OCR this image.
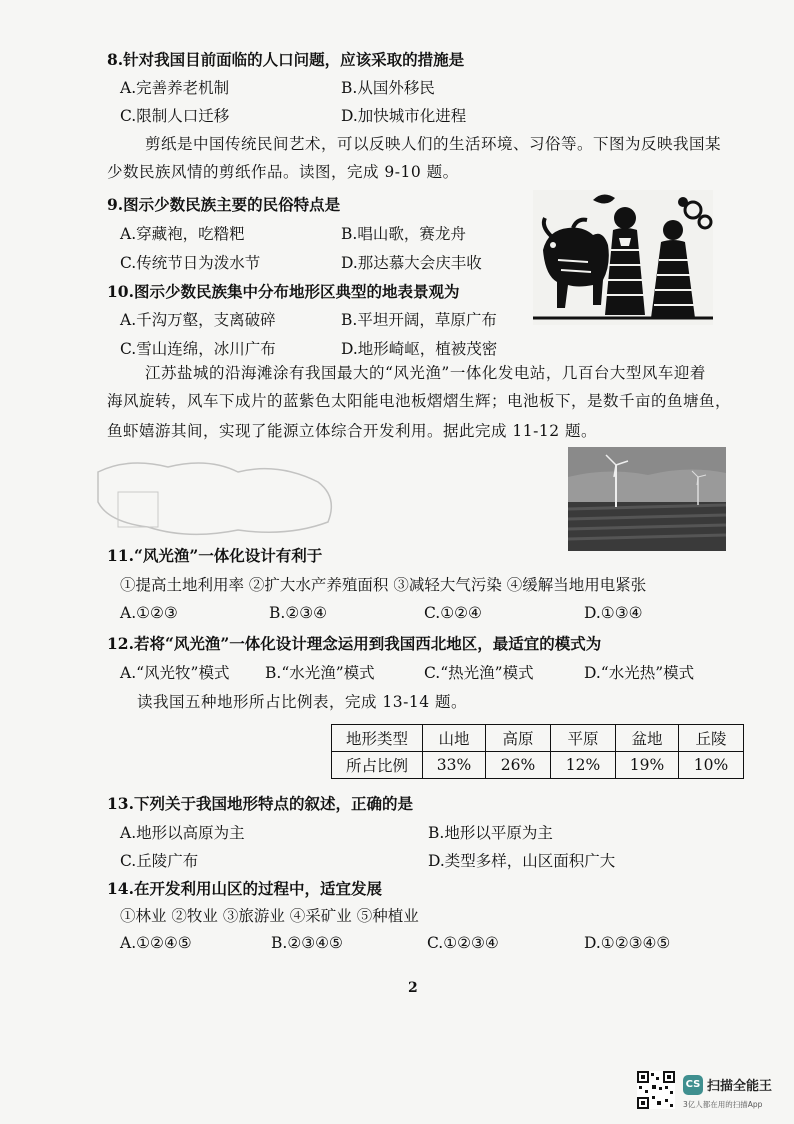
8.针对我国目前面临的人口问题，应该采取的措施是
A.完善养老机制	B.从国外移民
C.限制人口迁移	D.加快城市化进程
剪纸是中国传统民间艺术，可以反映人们的生活环境、习俗等。下图为反映我国某
少数民族风情的剪纸作品。读图，完成 9-10 题。
9.图示少数民族主要的民俗特点是
A.穿藏袍，吃糌粑	B.唱山歌，赛龙舟
C.传统节日为泼水节	D.那达慕大会庆丰收
10.图示少数民族集中分布地形区典型的地表景观为
A.千沟万壑，支离破碎	B.平坦开阔，草原广布
C.雪山连绵，冰川广布	D.地形崎岖，植被茂密
江苏盐城的沿海滩涂有我国最大的“风光渔”一体化发电站，几百台大型风车迎着
海风旋转，风车下成片的蓝紫色太阳能电池板熠熠生辉；电池板下，是数千亩的鱼塘鱼，
鱼虾嬉游其间，实现了能源立体综合开发利用。据此完成 11-12 题。
11.“风光渔”一体化设计有利于
①提高土地利用率 ②扩大水产养殖面积 ③减轻大气污染 ④缓解当地用电紧张
A.①②③	B.②③④	C.①②④	D.①③④
12.若将“风光渔”一体化设计理念运用到我国西北地区，最适宜的模式为
A.“风光牧”模式 B.“水光渔”模式	C.“热光渔”模式	D.“水光热”模式
读我国五种地形所占比例表，完成 13-14 题。
地形类型	山地	高原	平原	盆地	丘陵
所占比例	33%	26%	12%	19%	10%
13.下列关于我国地形特点的叙述，正确的是
A.地形以高原为主	B.地形以平原为主
C.丘陵广布	D.类型多样，山区面积广大
14.在开发利用山区的过程中，适宜发展
①林业 ②牧业 ③旅游业 ④采矿业 ⑤种植业
A.①②④⑤	B.②③④⑤	C.①②③④	D.①②③④⑤
2
CS 扫描全能王
3亿人都在用的扫描App
